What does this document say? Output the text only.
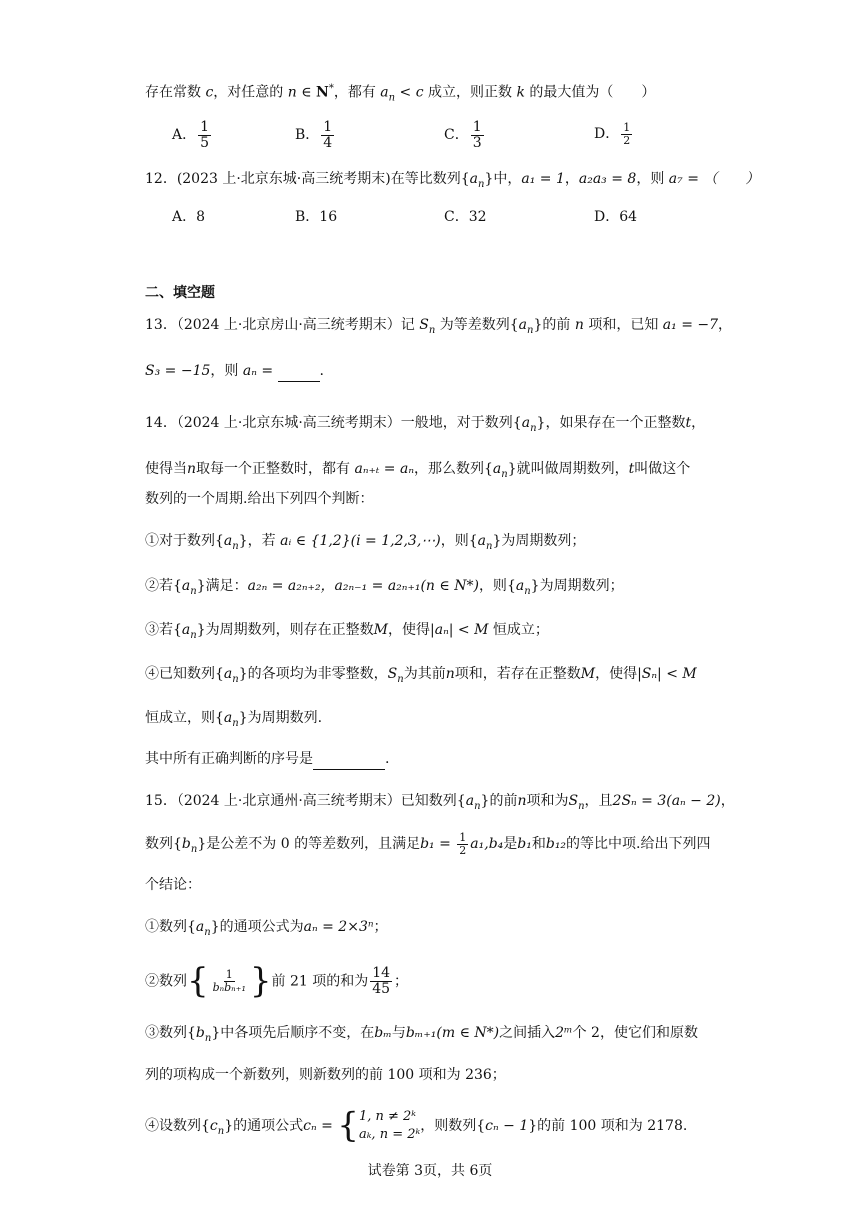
存在常数 c，对任意的 n ∈ N*，都有 $a_n < c$ 成立，则正数 k 的最大值为（　　）
A． $\frac{1}{5}$	B． $\frac{1}{4}$	C． $\frac{1}{3}$	D． $\frac{1}{2}$
12．(2023 上·北京东城·高三统考期末)在等比数列$\{a_n\}$中，a₁ = 1，a₂a₃ = 8，则 a₇ = （　　）
A．8	B．16	C．32	D．64
二、填空题
13．（2024 上·北京房山·高三统考期末）记 $S_n$ 为等差数列$\{a_n\}$的前 n 项和，已知 a₁ = −7，
S₃ = −15，则 aₙ =	.
14．（2024 上·北京东城·高三统考期末）一般地，对于数列$\{a_n\}$，如果存在一个正整数t，
使得当n取每一个正整数时，都有 aₙ₊ₜ = aₙ，那么数列$\{a_n\}$就叫做周期数列，t叫做这个
数列的一个周期.给出下列四个判断：
①对于数列$\{a_n\}$，若 aᵢ ∈ {1,2}(i = 1,2,3,⋯)，则$\{a_n\}$为周期数列；
②若$\{a_n\}$满足：a₂ₙ = a₂ₙ₊₂，a₂ₙ₋₁ = a₂ₙ₊₁(n ∈ N*)，则$\{a_n\}$为周期数列；
③若$\{a_n\}$为周期数列，则存在正整数M，使得|aₙ| < M 恒成立；
④已知数列$\{a_n\}$的各项均为非零整数，$S_n$为其前n项和，若存在正整数M，使得|Sₙ| < M
恒成立，则$\{a_n\}$为周期数列.
其中所有正确判断的序号是	.
15．（2024 上·北京通州·高三统考期末）已知数列$\{a_n\}$的前n项和为$S_n$，且2Sₙ = 3(aₙ − 2)，
数列$\{b_n\}$是公差不为 0 的等差数列，且满足$b_1 = \frac{1}{2} a_1,b_4$是b₁和b₁₂的等比中项.给出下列四
个结论：
①数列$\{a_n\}$的通项公式为aₙ = 2×3ⁿ；
②数列{ $\frac{1}{\text{bₙbₙ₊₁}}$ }前 21 项的和为 $\frac{14}{45}$ ；
③数列$\{b_n\}$中各项先后顺序不变，在bₘ与bₘ₊₁(m ∈ N*)之间插入2ᵐ个 2，使它们和原数
列的项构成一个新数列，则新数列的前 100 项和为 236；
④设数列$\{c_n\}$的通项公式cₙ = { 1, n ≠ 2ᵏ
aₖ, n = 2ᵏ
，则数列{cₙ − 1}的前 100 项和为 2178.
试卷第 3页，共 6页
